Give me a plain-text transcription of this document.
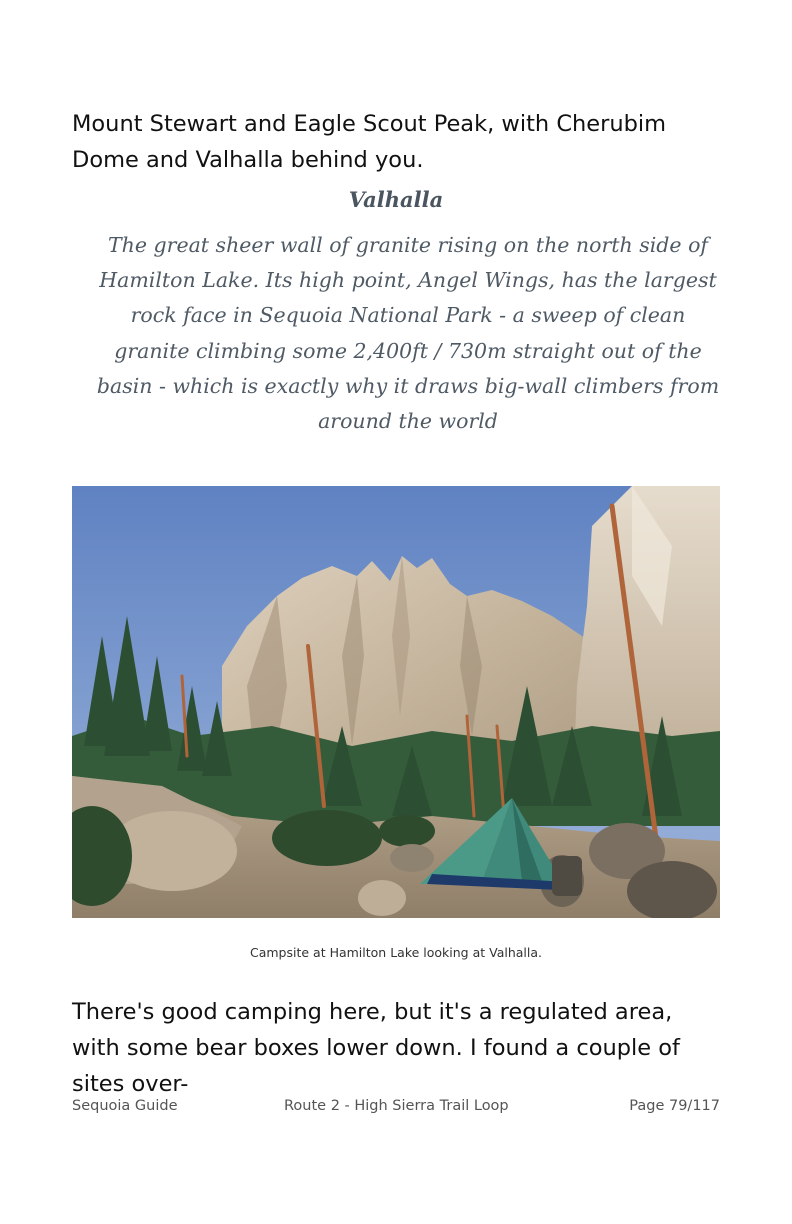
Mount Stewart and Eagle Scout Peak, with Cherubim Dome and Valhalla behind you.

Valhalla

The great sheer wall of granite rising on the north side of Hamilton Lake. Its high point, Angel Wings, has the largest rock face in Sequoia National Park - a sweep of clean granite climbing some 2,400ft / 730m straight out of the basin - which is exactly why it draws big-wall climbers from around the world

Campsite at Hamilton Lake looking at Valhalla.

There's good camping here, but it's a regulated area, with some bear boxes lower down. I found a couple of sites over-

Sequoia Guide	Route 2 - High Sierra Trail Loop	Page 79/117
